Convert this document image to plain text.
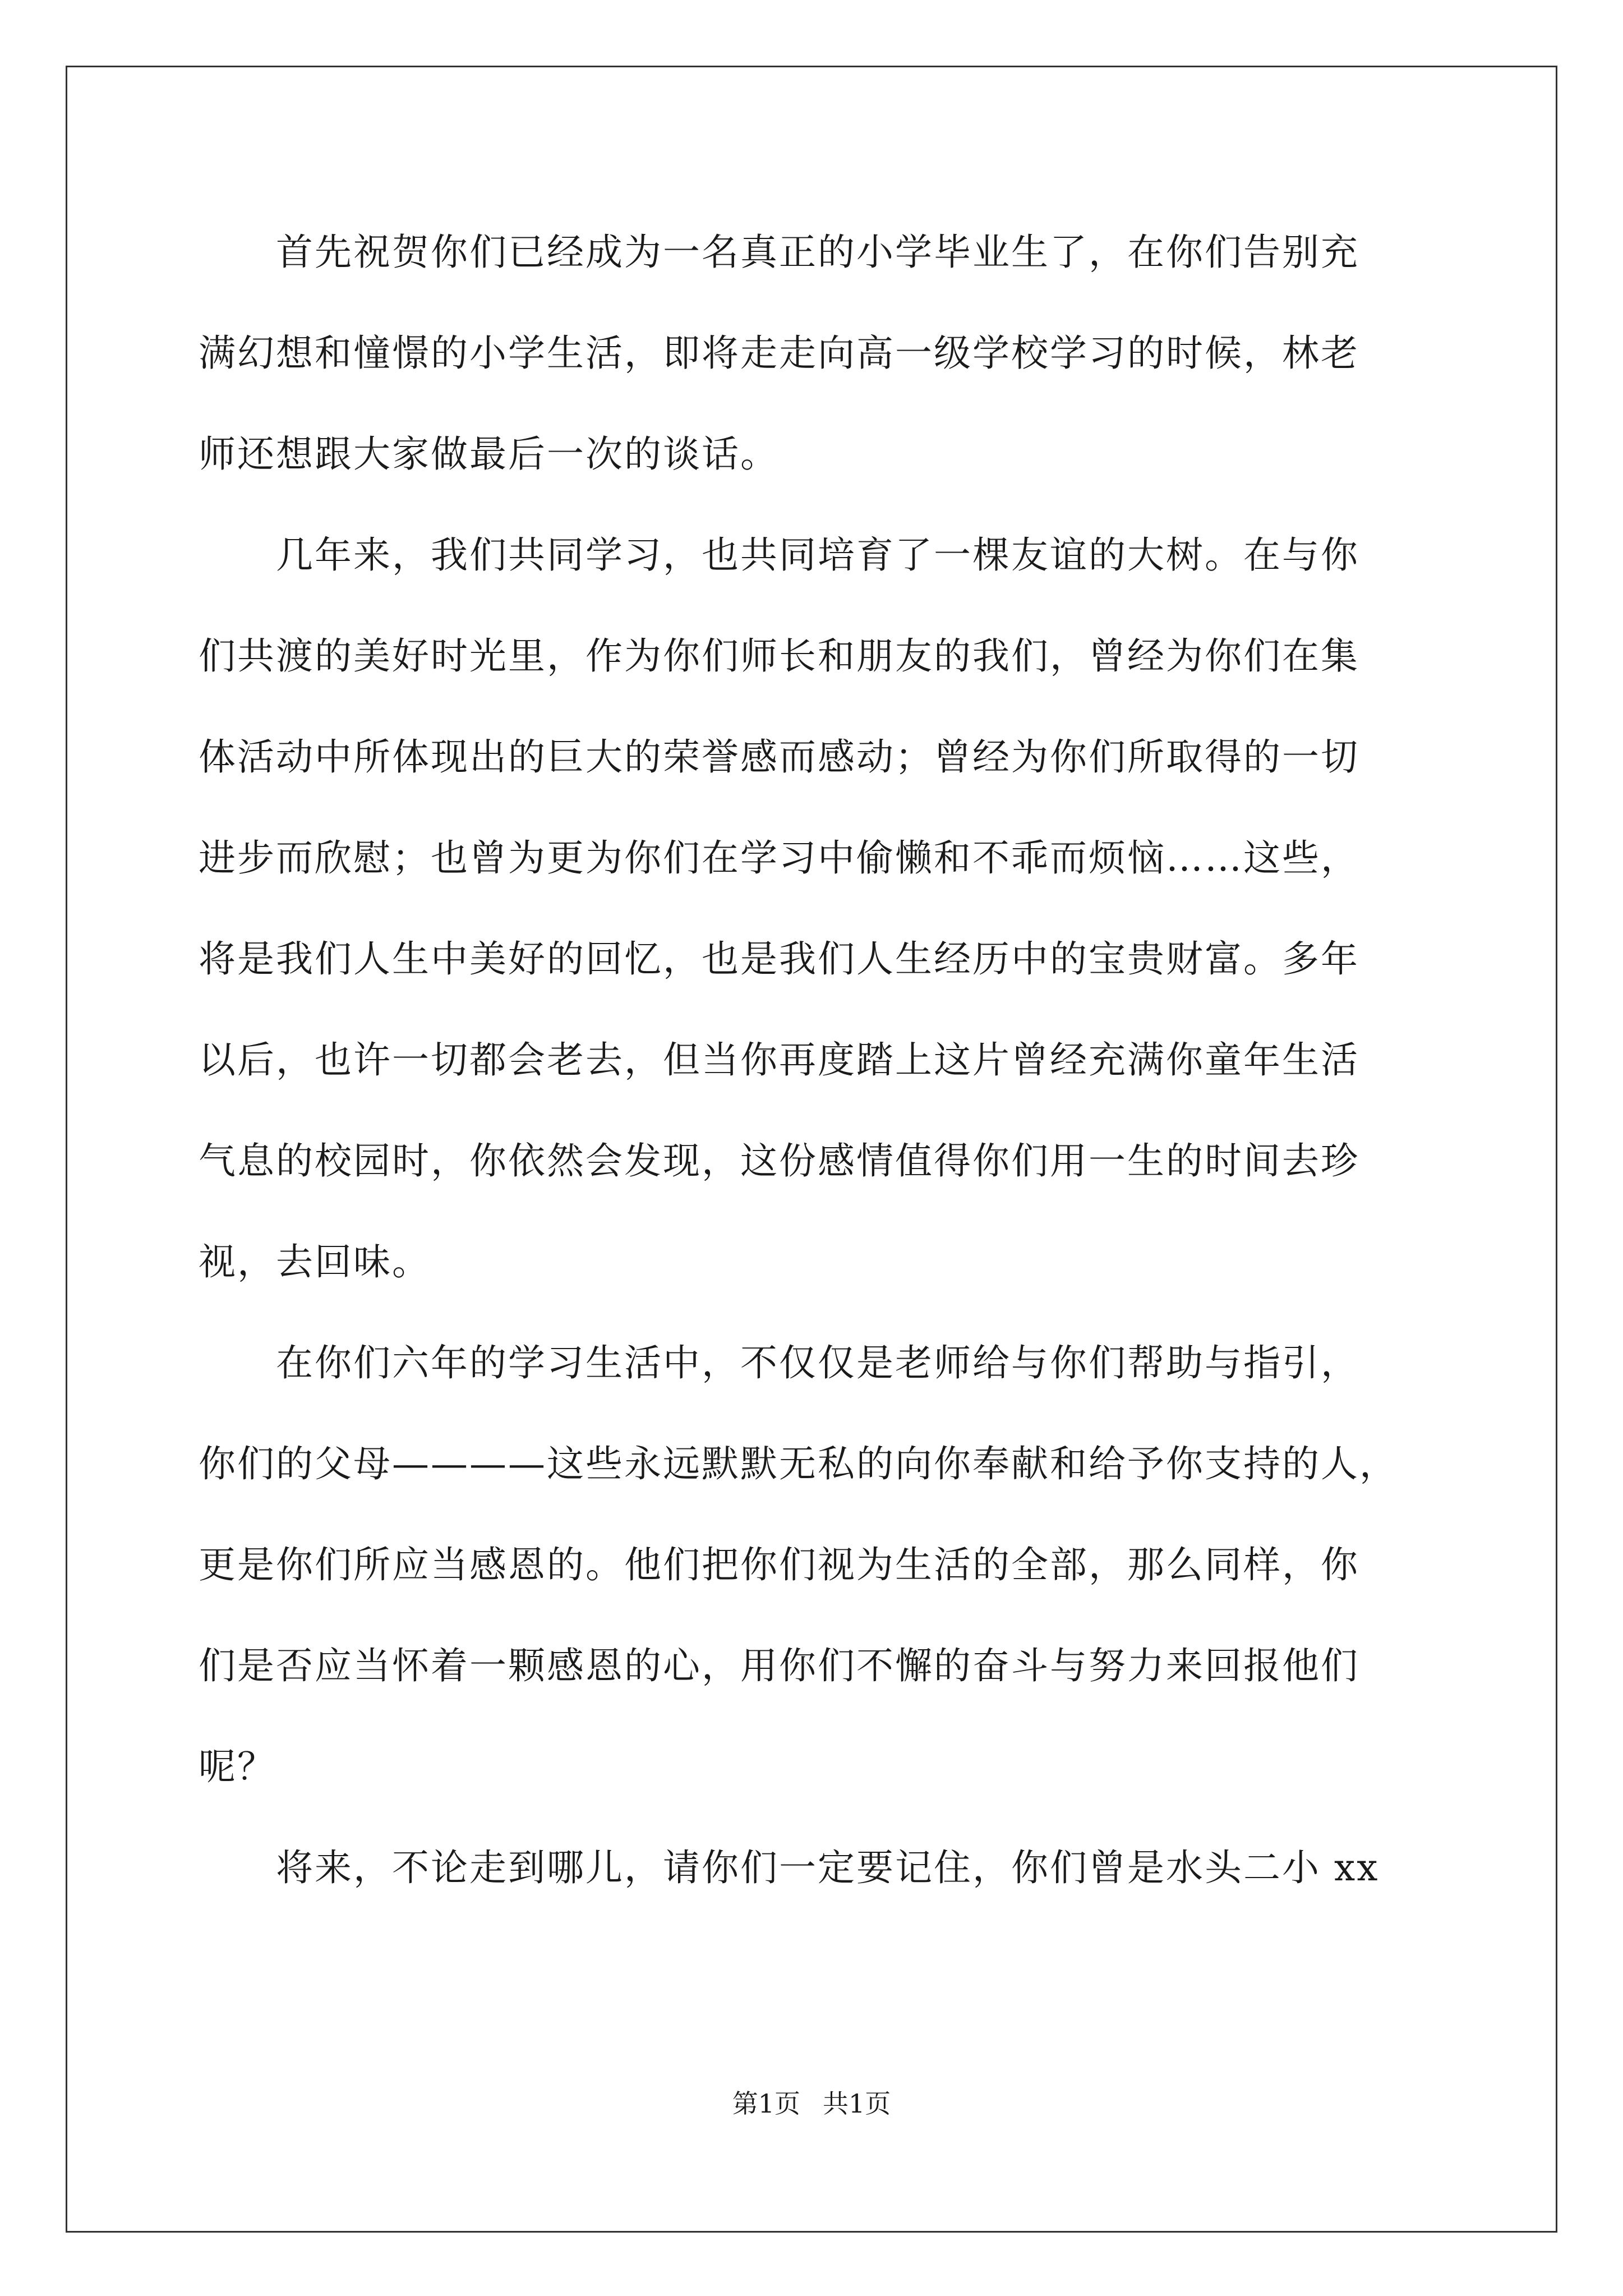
　　首先祝贺你们已经成为一名真正的小学毕业生了，在你们告别充
满幻想和憧憬的小学生活，即将走走向高一级学校学习的时候，林老
师还想跟大家做最后一次的谈话。
　　几年来，我们共同学习，也共同培育了一棵友谊的大树。在与你
们共渡的美好时光里，作为你们师长和朋友的我们，曾经为你们在集
体活动中所体现出的巨大的荣誉感而感动；曾经为你们所取得的一切
进步而欣慰；也曾为更为你们在学习中偷懒和不乖而烦恼……这些，
将是我们人生中美好的回忆，也是我们人生经历中的宝贵财富。多年
以后，也许一切都会老去，但当你再度踏上这片曾经充满你童年生活
气息的校园时，你依然会发现，这份感情值得你们用一生的时间去珍
视，去回味。
　　在你们六年的学习生活中，不仅仅是老师给与你们帮助与指引，
你们的父母————这些永远默默无私的向你奉献和给予你支持的人，
更是你们所应当感恩的。他们把你们视为生活的全部，那么同样，你
们是否应当怀着一颗感恩的心，用你们不懈的奋斗与努力来回报他们
呢？
　　将来，不论走到哪儿，请你们一定要记住，你们曾是水头二小 xx
第1页 共1页
